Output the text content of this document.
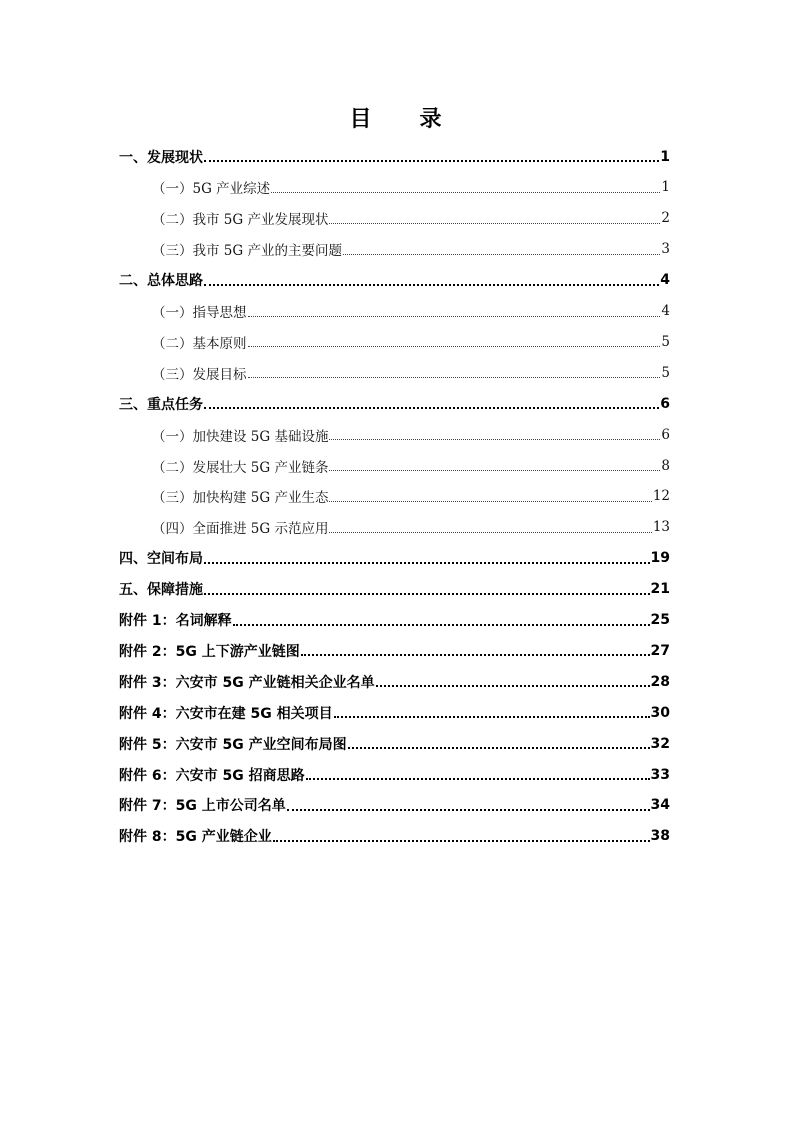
目 录
一、发展现状	1
（一）5G 产业综述	1
（二）我市 5G 产业发展现状	2
（三）我市 5G 产业的主要问题	3
二、总体思路	4
（一）指导思想	4
（二）基本原则	5
（三）发展目标	5
三、重点任务	6
（一）加快建设 5G 基础设施	6
（二）发展壮大 5G 产业链条	8
（三）加快构建 5G 产业生态	12
（四）全面推进 5G 示范应用	13
四、空间布局	19
五、保障措施	21
附件 1：名词解释	25
附件 2：5G 上下游产业链图	27
附件 3：六安市 5G 产业链相关企业名单	28
附件 4：六安市在建 5G 相关项目	30
附件 5：六安市 5G 产业空间布局图	32
附件 6：六安市 5G 招商思路	33
附件 7：5G 上市公司名单	34
附件 8：5G 产业链企业	38
